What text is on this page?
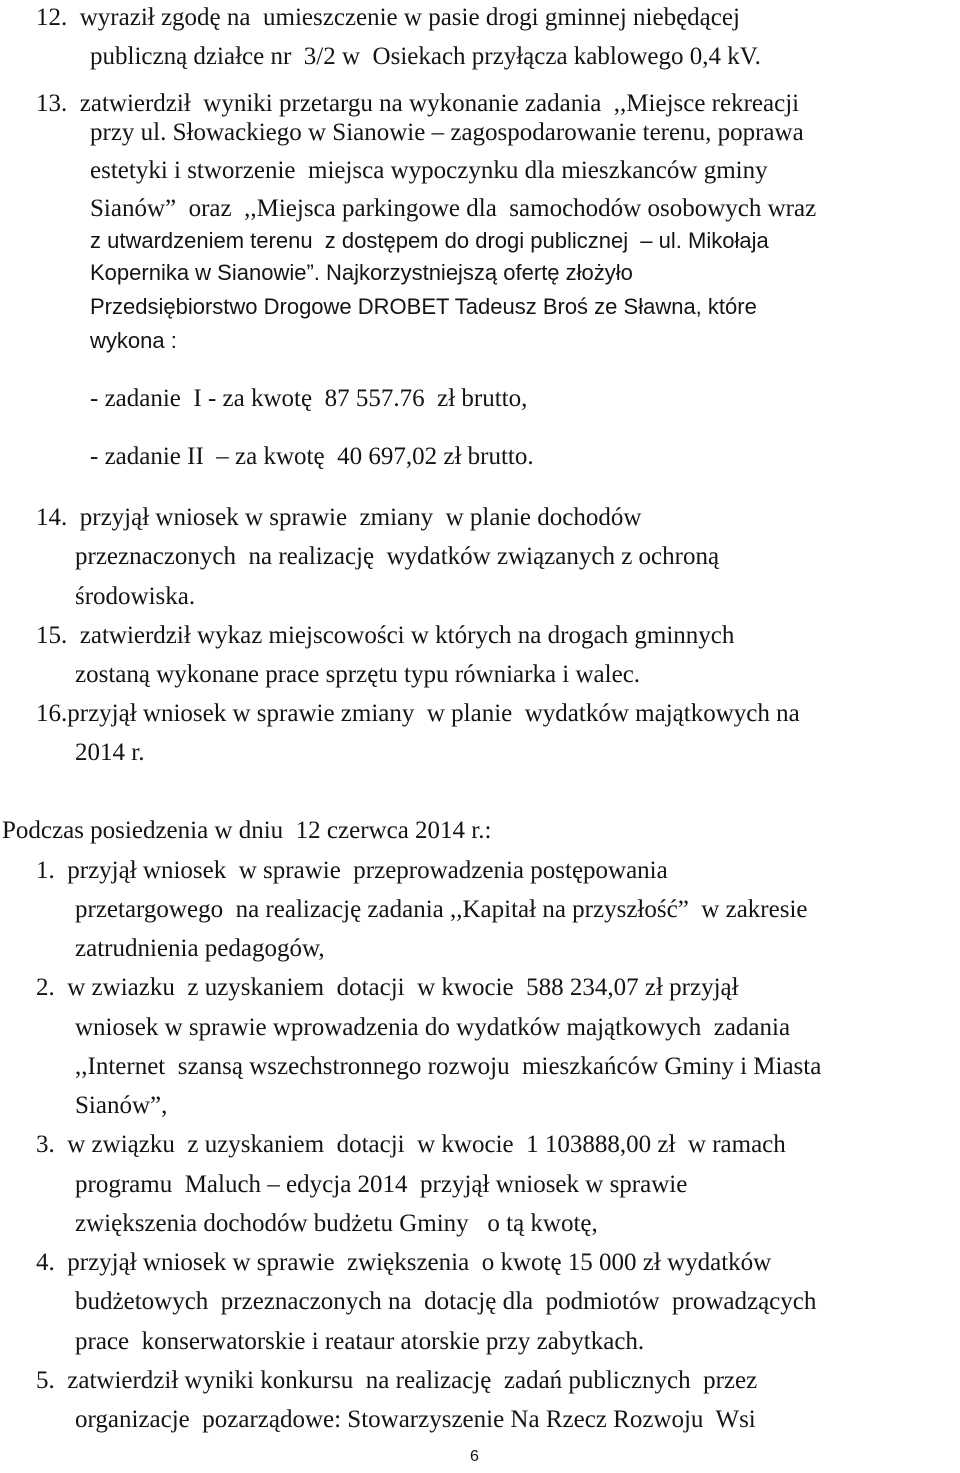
12.  wyraził zgodę na  umieszczenie w pasie drogi gminnej niebędącej
publiczną działce nr  3/2 w  Osiekach przyłącza kablowego 0,4 kV.
13.  zatwierdził  wyniki przetargu na wykonanie zadania  ,,Miejsce rekreacji
przy ul. Słowackiego w Sianowie – zagospodarowanie terenu, poprawa
estetyki i stworzenie  miejsca wypoczynku dla mieszkanców gminy
Sianów”  oraz  ,,Miejsca parkingowe dla  samochodów osobowych wraz
z utwardzeniem terenu  z dostępem do drogi publicznej  – ul. Mikołaja
Kopernika w Sianowie”. Najkorzystniejszą ofertę złożyło
Przedsiębiorstwo Drogowe DROBET Tadeusz Broś ze Sławna, które
wykona :
- zadanie  I - za kwotę  87 557.76  zł brutto,
- zadanie II  – za kwotę  40 697,02 zł brutto.
14.  przyjął wniosek w sprawie  zmiany  w planie dochodów
przeznaczonych  na realizację  wydatków związanych z ochroną
środowiska.
15.  zatwierdził wykaz miejscowości w których na drogach gminnych
zostaną wykonane prace sprzętu typu równiarka i walec.
16.przyjął wniosek w sprawie zmiany  w planie  wydatków majątkowych na
2014 r.
Podczas posiedzenia w dniu  12 czerwca 2014 r.:
1.  przyjął wniosek  w sprawie  przeprowadzenia postępowania
przetargowego  na realizację zadania ,,Kapitał na przyszłość”  w zakresie
zatrudnienia pedagogów,
2.  w zwiazku  z uzyskaniem  dotacji  w kwocie  588 234,07 zł przyjął
wniosek w sprawie wprowadzenia do wydatków majątkowych  zadania
,,Internet  szansą wszechstronnego rozwoju  mieszkańców Gminy i Miasta
Sianów”,
3.  w związku  z uzyskaniem  dotacji  w kwocie  1 103888,00 zł  w ramach
programu  Maluch – edycja 2014  przyjął wniosek w sprawie
zwiększenia dochodów budżetu Gminy   o tą kwotę,
4.  przyjął wniosek w sprawie  zwiększenia  o kwotę 15 000 zł wydatków
budżetowych  przeznaczonych na  dotację dla  podmiotów  prowadzących
prace  konserwatorskie i reataur atorskie przy zabytkach.
5.  zatwierdził wyniki konkursu  na realizację  zadań publicznych  przez
organizacje  pozarządowe: Stowarzyszenie Na Rzecz Rozwoju  Wsi
6
